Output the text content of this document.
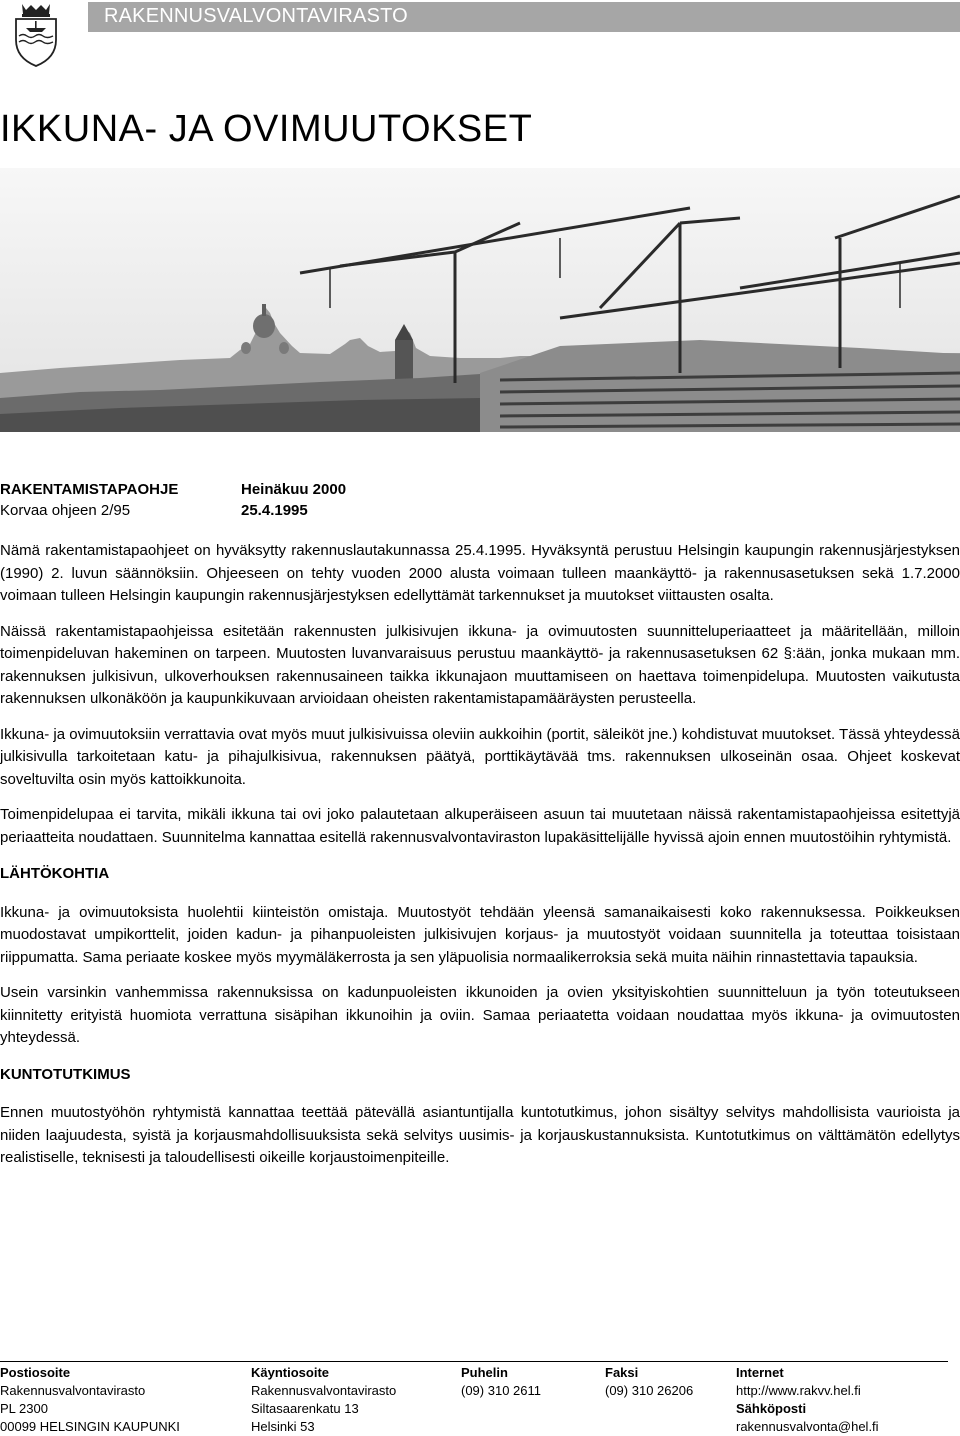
RAKENNUSVALVONTAVIRASTO
IKKUNA- JA OVIMUUTOKSET
RAKENTAMISTAPAOHJE	Heinäkuu 2000
Korvaa ohjeen 2/95	25.4.1995

Nämä rakentamistapaohjeet on hyväksytty rakennuslautakunnassa 25.4.1995. Hyväksyntä perustuu Helsingin kaupungin rakennusjärjestyksen (1990) 2. luvun säännöksiin. Ohjeeseen on tehty vuoden 2000 alusta voimaan tulleen maankäyttö- ja rakennusasetuksen sekä 1.7.2000 voimaan tulleen Helsingin kaupungin rakennusjärjestyksen edellyttämät tarkennukset ja muutokset viittausten osalta.

Näissä rakentamistapaohjeissa esitetään rakennusten julkisivujen ikkuna- ja ovimuutosten suunnitteluperiaatteet ja määritellään, milloin toimenpideluvan hakeminen on tarpeen. Muutosten luvanvaraisuus perustuu maankäyttö- ja rakennusasetuksen 62 §:ään, jonka mukaan mm. rakennuksen julkisivun, ulkoverhouksen rakennusaineen taikka ikkunajaon muuttamiseen on haettava toimenpidelupa. Muutosten vaikutusta rakennuksen ulkonäköön ja kaupunkikuvaan arvioidaan oheisten rakentamistapamääräysten perusteella.

Ikkuna- ja ovimuutoksiin verrattavia ovat myös muut julkisivuissa oleviin aukkoihin (portit, säleiköt jne.) kohdistuvat muutokset. Tässä yhteydessä julkisivulla tarkoitetaan katu- ja pihajulkisivua, rakennuksen päätyä, porttikäytävää tms. rakennuksen ulkoseinän osaa. Ohjeet koskevat soveltuvilta osin myös kattoikkunoita.

Toimenpidelupaa ei tarvita, mikäli ikkuna tai ovi joko palautetaan alkuperäiseen asuun tai muutetaan näissä rakentamistapaohjeissa esitettyjä periaatteita noudattaen. Suunnitelma kannattaa esitellä rakennusvalvontaviraston lupakäsittelijälle hyvissä ajoin ennen muutostöihin ryhtymistä.

LÄHTÖKOHTIA

Ikkuna- ja ovimuutoksista huolehtii kiinteistön omistaja. Muutostyöt tehdään yleensä samanaikaisesti koko rakennuksessa. Poikkeuksen muodostavat umpikorttelit, joiden kadun- ja pihanpuoleisten julkisivujen korjaus- ja muutostyöt voidaan suunnitella ja toteuttaa toisistaan riippumatta. Sama periaate koskee myös myymäläkerrosta ja sen yläpuolisia normaalikerroksia sekä muita näihin rinnastettavia tapauksia.

Usein varsinkin vanhemmissa rakennuksissa on kadunpuoleisten ikkunoiden ja ovien yksityiskohtien suunnitteluun ja työn toteutukseen kiinnitetty erityistä huomiota verrattuna sisäpihan ikkunoihin ja oviin. Samaa periaatetta voidaan noudattaa myös ikkuna- ja ovimuutosten yhteydessä.

KUNTOTUTKIMUS

Ennen muutostyöhön ryhtymistä kannattaa teettää pätevällä asiantuntijalla kuntotutkimus, johon sisältyy selvitys mahdollisista vaurioista ja niiden laajuudesta, syistä ja korjausmahdollisuuksista sekä selvitys uusimis- ja korjauskustannuksista. Kuntotutkimus on välttämätön edellytys realistiselle, teknisesti ja taloudellisesti oikeille korjaustoimenpiteille.

Postiosoite
Rakennusvalvontavirasto
PL 2300
00099 HELSINGIN KAUPUNKI
Käyntiosoite
Rakennusvalvontavirasto
Siltasaarenkatu 13
Helsinki 53
Puhelin
(09) 310 2611
Faksi
(09) 310 26206
Internet
http://www.rakvv.hel.fi
Sähköposti
rakennusvalvonta@hel.fi
